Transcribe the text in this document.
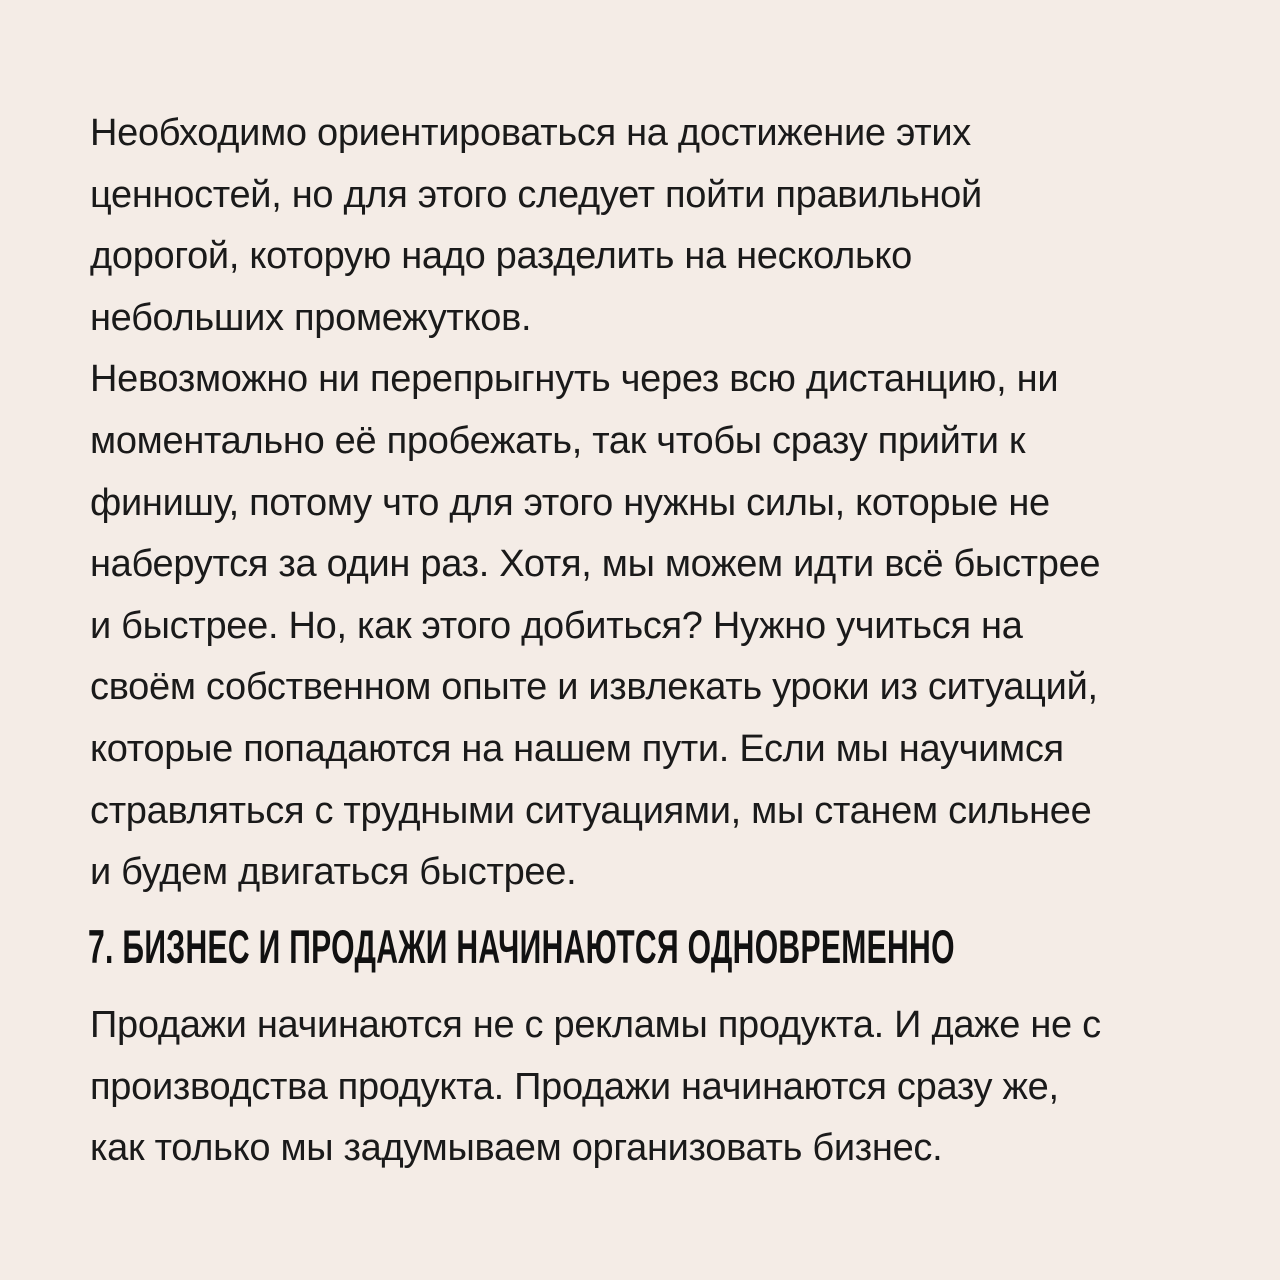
Необходимо ориентироваться на достижение этих
ценностей, но для этого следует пойти правильной
дорогой, которую надо разделить на несколько
небольших промежутков.
Невозможно ни перепрыгнуть через всю дистанцию, ни
моментально её пробежать, так чтобы сразу прийти к
финишу, потому что для этого нужны силы, которые не
наберутся за один раз. Хотя, мы можем идти всё быстрее
и быстрее. Но, как этого добиться? Нужно учиться на
своём собственном опыте и извлекать уроки из ситуаций,
которые попадаются на нашем пути. Если мы научимся
стравляться с трудными ситуациями, мы станем сильнее
и будем двигаться быстрее.

7. БИЗНЕС И ПРОДАЖИ НАЧИНАЮТСЯ ОДНОВРЕМЕННО

Продажи начинаются не с рекламы продукта. И даже не с
производства продукта. Продажи начинаются сразу же,
как только мы задумываем организовать бизнес.
